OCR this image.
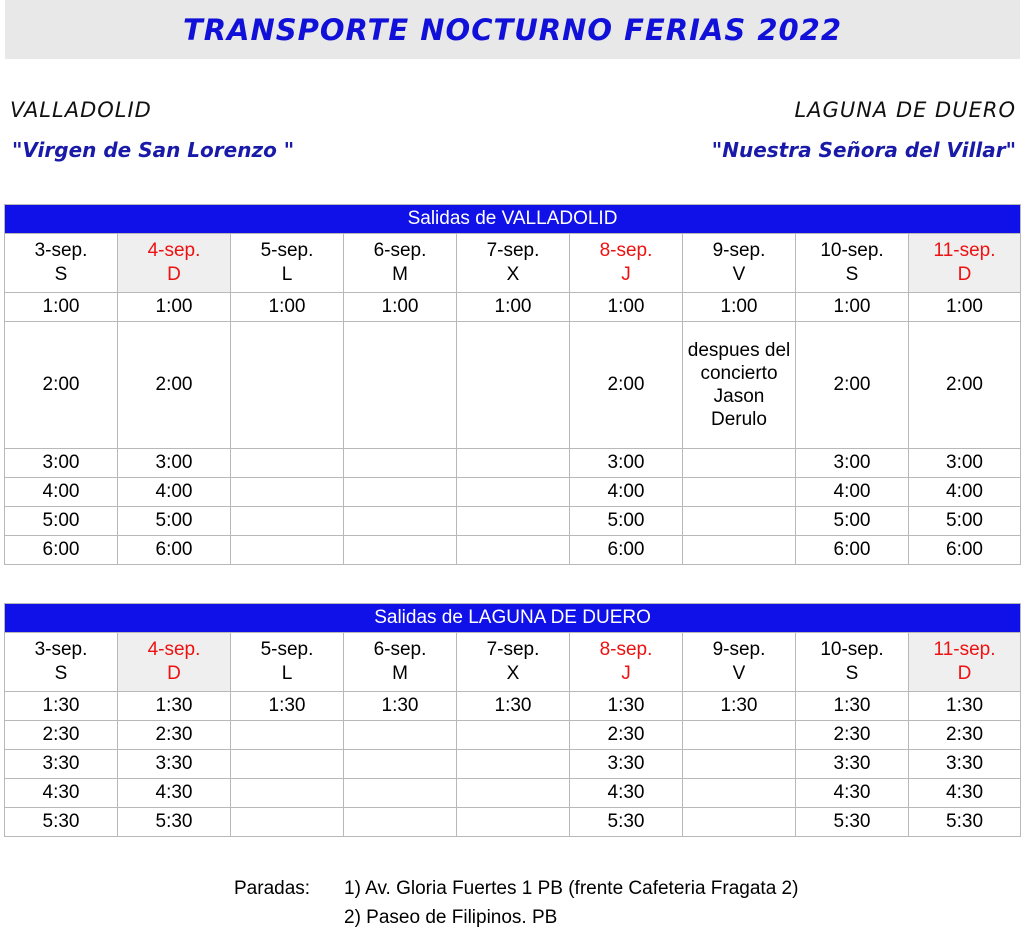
TRANSPORTE NOCTURNO FERIAS 2022
VALLADOLID	LAGUNA DE DUERO
"Virgen de San Lorenzo "	"Nuestra Señora del Villar"
Salidas de VALLADOLID								
3-sep.
S	4-sep.
D	5-sep.
L	6-sep.
M	7-sep.
X	8-sep.
J	9-sep.
V	10-sep.
S	11-sep.
D
1:00	1:00	1:00	1:00	1:00	1:00	1:00	1:00	1:00
2:00	2:00				2:00	despues del
concierto
Jason
Derulo	2:00	2:00
3:00	3:00				3:00		3:00	3:00
4:00	4:00				4:00		4:00	4:00
5:00	5:00				5:00		5:00	5:00
6:00	6:00				6:00		6:00	6:00
Salidas de LAGUNA DE DUERO								
3-sep.
S	4-sep.
D	5-sep.
L	6-sep.
M	7-sep.
X	8-sep.
J	9-sep.
V	10-sep.
S	11-sep.
D
1:30	1:30	1:30	1:30	1:30	1:30	1:30	1:30	1:30
2:30	2:30				2:30		2:30	2:30
3:30	3:30				3:30		3:30	3:30
4:30	4:30				4:30		4:30	4:30
5:30	5:30				5:30		5:30	5:30
Paradas: 1) Av. Gloria Fuertes 1 PB (frente Cafeteria Fragata 2)
2) Paseo de Filipinos. PB
